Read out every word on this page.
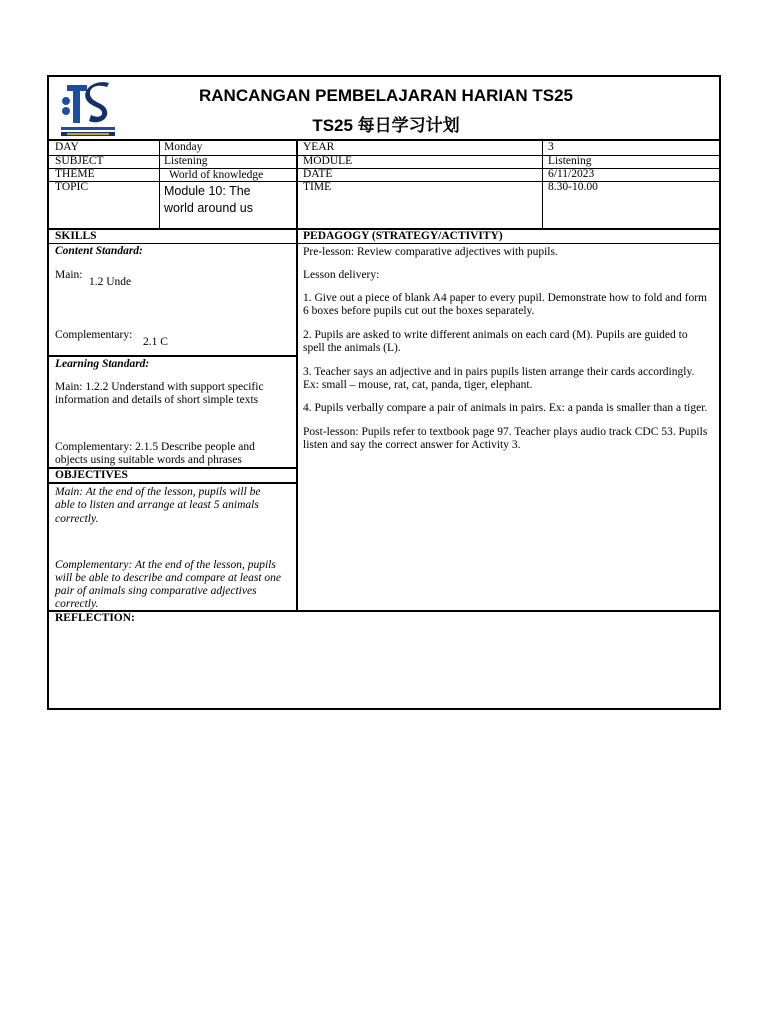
RANCANGAN PEMBELAJARAN HARIAN TS25
TS25 每日学习计划
DAY	Monday	YEAR	3
SUBJECT	Listening	MODULE	Listening
THEME	World of knowledge	DATE	6/11/2023
TOPIC	Module 10: The
world around us
TIME	8.30-10.00
SKILLS	PEDAGOGY (STRATEGY/ACTIVITY)
Content Standard:
Main:
1.2 Unde
Complementary:
2.1 C
Learning Standard:
Main: 1.2.2 Understand with support specific
information and details of short simple texts
Complementary: 2.1.5 Describe people and
objects using suitable words and phrases
OBJECTIVES
Main: At the end of the lesson, pupils will be
able to listen and arrange at least 5 animals
correctly.
Complementary: At the end of the lesson, pupils
will be able to describe and compare at least one
pair of animals sing comparative adjectives
correctly.
Pre-lesson: Review comparative adjectives with pupils.
Lesson delivery:
1. Give out a piece of blank A4 paper to every pupil. Demonstrate how to fold and form
6 boxes before pupils cut out the boxes separately.
2. Pupils are asked to write different animals on each card (M). Pupils are guided to
spell the animals (L).
3. Teacher says an adjective and in pairs pupils listen arrange their cards accordingly.
Ex: small – mouse, rat, cat, panda, tiger, elephant.
4. Pupils verbally compare a pair of animals in pairs. Ex: a panda is smaller than a tiger.
Post-lesson: Pupils refer to textbook page 97. Teacher plays audio track CDC 53. Pupils
listen and say the correct answer for Activity 3.
REFLECTION:
